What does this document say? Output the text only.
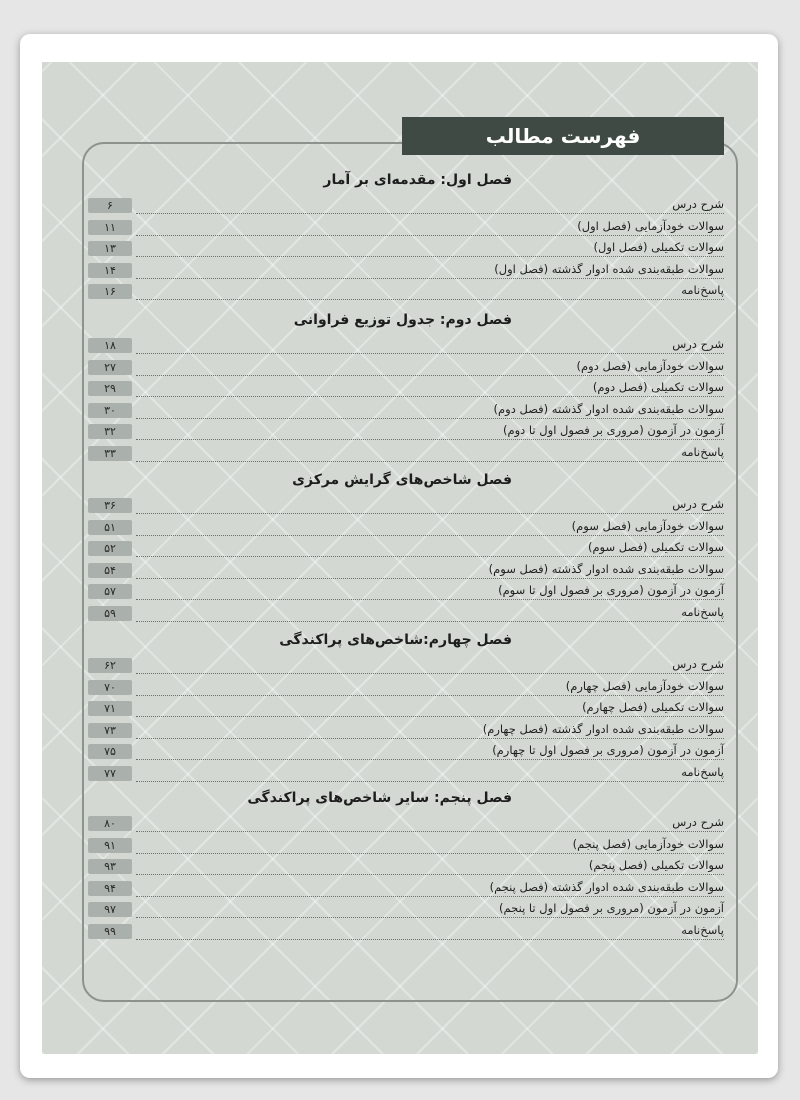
فهرست مطالب
فصل اول: مقدمه‌ای بر آمار
شرح درس
۶
سوالات خودآزمایی (فصل اول)
۱۱
سوالات تکمیلی (فصل اول)
۱۳
سوالات طبقه‌بندی شده ادوار گذشته (فصل اول)
۱۴
پاسخ‌نامه
۱۶
فصل دوم: جدول توزیع فراوانی
شرح درس
۱۸
سوالات خودآزمایی (فصل دوم)
۲۷
سوالات تکمیلی (فصل دوم)
۲۹
سوالات طبقه‌بندی شده ادوار گذشته (فصل دوم)
۳۰
آزمون در آزمون (مروری بر فصول اول تا دوم)
۳۲
پاسخ‌نامه
۳۳
فصل شاخص‌های گرایش مرکزی
شرح درس
۳۶
سوالات خودآزمایی (فصل سوم)
۵۱
سوالات تکمیلی (فصل سوم)
۵۲
سوالات طبقه‌بندی شده ادوار گذشته (فصل سوم)
۵۴
آزمون در آزمون (مروری بر فصول اول تا سوم)
۵۷
پاسخ‌نامه
۵۹
فصل چهارم:شاخص‌های پراکندگی
شرح درس
۶۲
سوالات خودآزمایی (فصل چهارم)
۷۰
سوالات تکمیلی (فصل چهارم)
۷۱
سوالات طبقه‌بندی شده ادوار گذشته (فصل چهارم)
۷۳
آزمون در آزمون (مروری بر فصول اول تا چهارم)
۷۵
پاسخ‌نامه
۷۷
فصل پنجم: سایر شاخص‌های پراکندگی
شرح درس
۸۰
سوالات خودآزمایی (فصل پنجم)
۹۱
سوالات تکمیلی (فصل پنجم)
۹۳
سوالات طبقه‌بندی شده ادوار گذشته (فصل پنجم)
۹۴
آزمون در آزمون (مروری بر فصول اول تا پنجم)
۹۷
پاسخ‌نامه
۹۹
